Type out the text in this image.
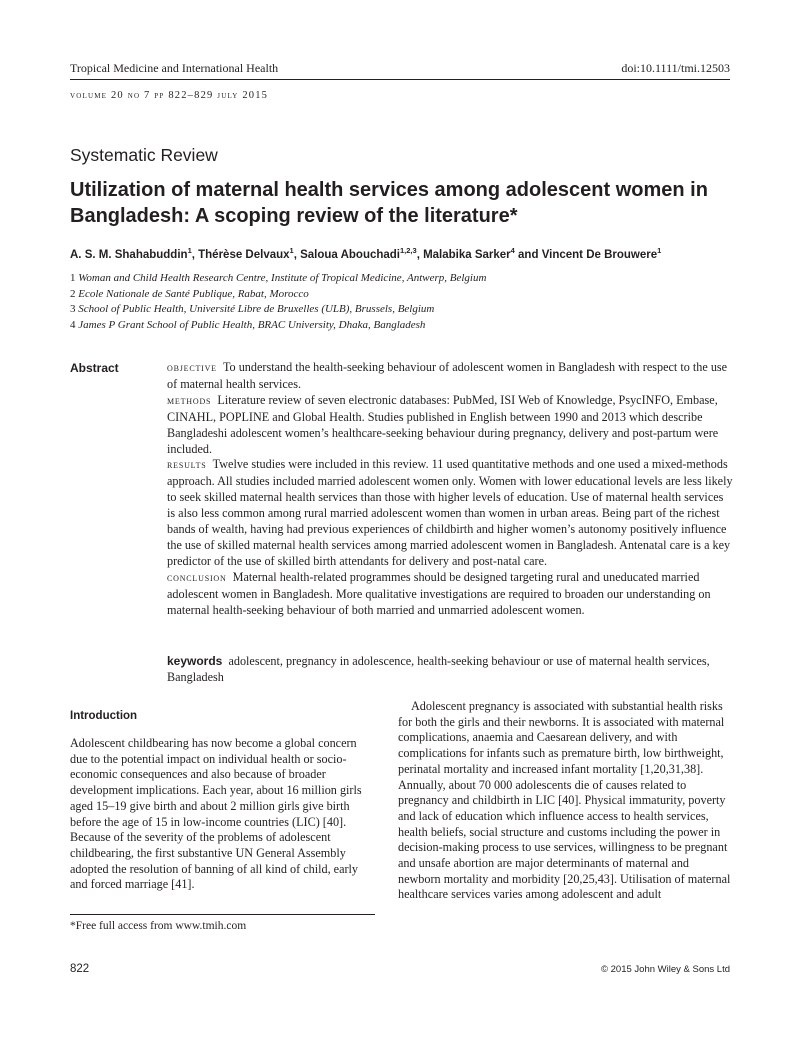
Tropical Medicine and International Health	doi:10.1111/tmi.12503
volume 20 no 7 pp 822–829 july 2015
Systematic Review
Utilization of maternal health services among adolescent women in Bangladesh: A scoping review of the literature*
A. S. M. Shahabuddin$^1$, Thérèse Delvaux$^1$, Saloua Abouchadi$^{1,2,3}$, Malabika Sarker$^4$ and Vincent De Brouwere$^1$
1 Woman and Child Health Research Centre, Institute of Tropical Medicine, Antwerp, Belgium
2 Ecole Nationale de Santé Publique, Rabat, Morocco
3 School of Public Health, Université Libre de Bruxelles (ULB), Brussels, Belgium
4 James P Grant School of Public Health, BRAC University, Dhaka, Bangladesh
Abstract	objective To understand the health-seeking behaviour of adolescent women in Bangladesh with respect to the use of maternal health services.
methods Literature review of seven electronic databases: PubMed, ISI Web of Knowledge, PsycINFO, Embase, CINAHL, POPLINE and Global Health. Studies published in English between 1990 and 2013 which describe Bangladeshi adolescent women’s healthcare-seeking behaviour during pregnancy, delivery and post-partum were included.
results Twelve studies were included in this review. 11 used quantitative methods and one used a mixed-methods approach. All studies included married adolescent women only. Women with lower educational levels are less likely to seek skilled maternal health services than those with higher levels of education. Use of maternal health services is also less common among rural married adolescent women than women in urban areas. Being part of the richest bands of wealth, having had previous experiences of childbirth and higher women’s autonomy positively influence the use of skilled maternal health services among married adolescent women in Bangladesh. Antenatal care is a key predictor of the use of skilled birth attendants for delivery and post-natal care.
conclusion Maternal health-related programmes should be designed targeting rural and uneducated married adolescent women in Bangladesh. More qualitative investigations are required to broaden our understanding on maternal health-seeking behaviour of both married and unmarried adolescent women.
keywords adolescent, pregnancy in adolescence, health-seeking behaviour or use of maternal health services, Bangladesh
Introduction

Adolescent childbearing has now become a global concern due to the potential impact on individual health or socio-economic consequences and also because of broader development implications. Each year, about 16 million girls aged 15–19 give birth and about 2 million girls give birth before the age of 15 in low-income countries (LIC) [40]. Because of the severity of the problems of adolescent childbearing, the first substantive UN General Assembly adopted the resolution of banning of all kind of child, early and forced marriage [41].

Adolescent pregnancy is associated with substantial health risks for both the girls and their newborns. It is associated with maternal complications, anaemia and Caesarean delivery, and with complications for infants such as premature birth, low birthweight, perinatal mortality and increased infant mortality [1,20,31,38]. Annually, about 70 000 adolescents die of causes related to pregnancy and childbirth in LIC [40]. Physical immaturity, poverty and lack of education which influence access to health services, health beliefs, social structure and customs including the power in decision-making process to use services, willingness to be pregnant and unsafe abortion are major determinants of maternal and newborn mortality and morbidity [20,25,43]. Utilisation of maternal healthcare services varies among adolescent and adult

*Free full access from www.tmih.com
822	© 2015 John Wiley & Sons Ltd
